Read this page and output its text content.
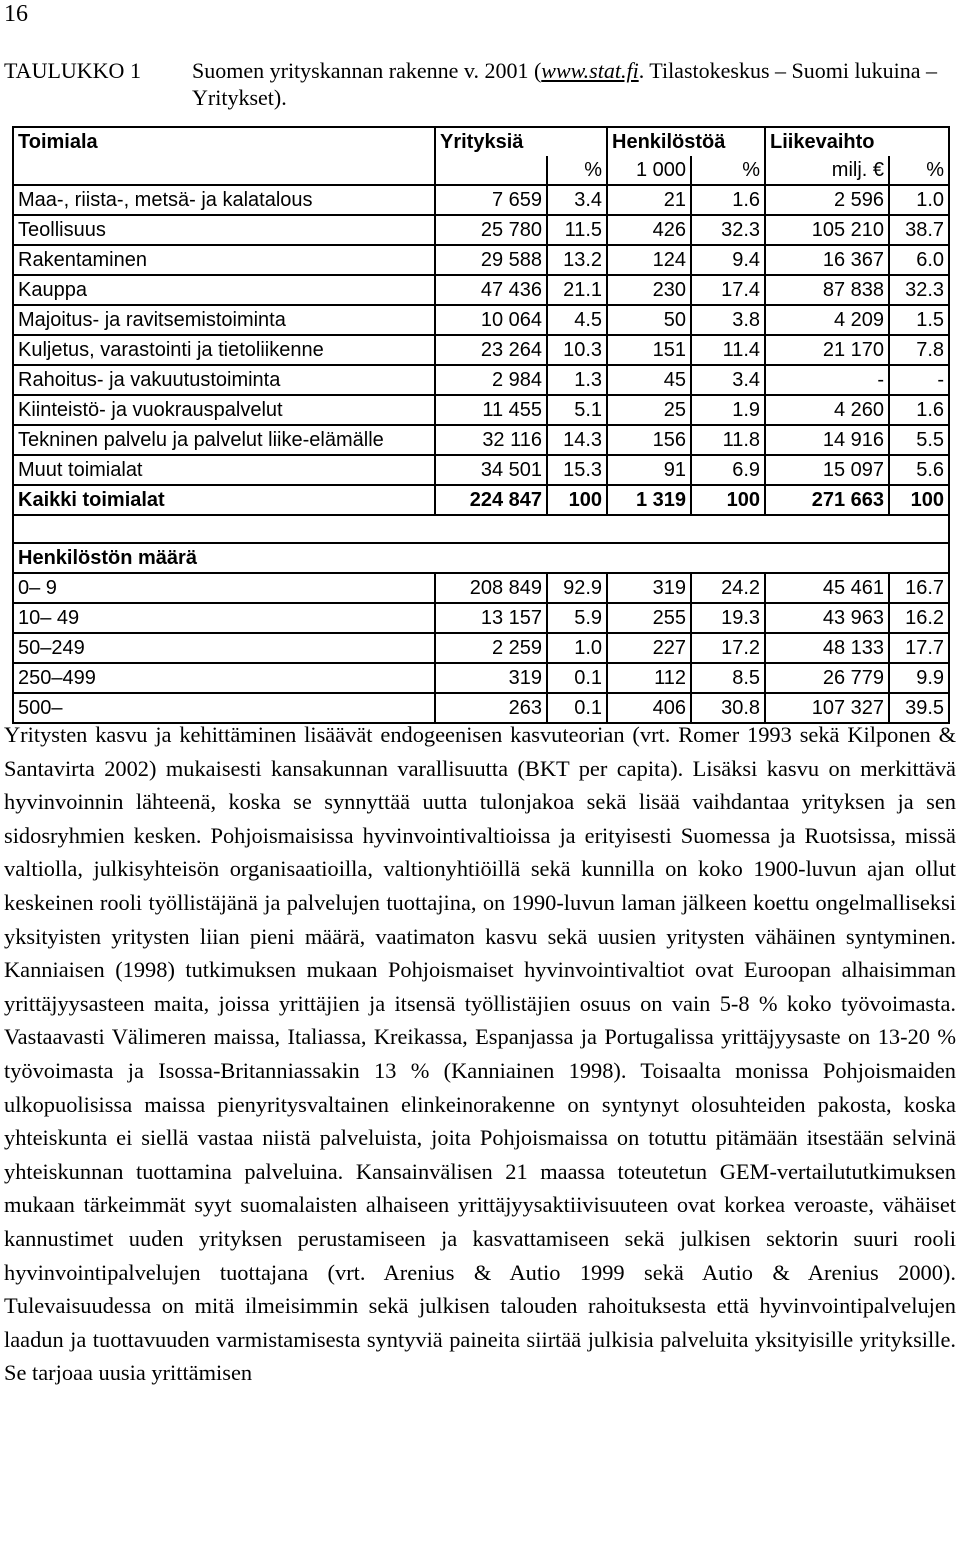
16
TAULUKKO 1 Suomen yrityskannan rakenne v. 2001 (www.stat.fi. Tilastokeskus – Suomi lukuina – Yritykset).
Toimiala	Yrityksiä		Henkilöstöä		Liikevaihto	
		%	1 000	%	milj. €	%
Maa-, riista-, metsä- ja kalatalous	7 659	3.4	21	1.6	2 596	1.0
Teollisuus	25 780	11.5	426	32.3	105 210	38.7
Rakentaminen	29 588	13.2	124	9.4	16 367	6.0
Kauppa	47 436	21.1	230	17.4	87 838	32.3
Majoitus- ja ravitsemistoiminta	10 064	4.5	50	3.8	4 209	1.5
Kuljetus, varastointi ja tietoliikenne	23 264	10.3	151	11.4	21 170	7.8
Rahoitus- ja vakuutustoiminta	2 984	1.3	45	3.4	-	-
Kiinteistö- ja vuokrauspalvelut	11 455	5.1	25	1.9	4 260	1.6
Tekninen palvelu ja palvelut liike-elämälle	32 116	14.3	156	11.8	14 916	5.5
Muut toimialat	34 501	15.3	91	6.9	15 097	5.6
Kaikki toimialat	224 847	100	1 319	100	271 663	100

Henkilöstön määrä						
0– 9	208 849	92.9	319	24.2	45 461	16.7
10– 49	13 157	5.9	255	19.3	43 963	16.2
50–249	2 259	1.0	227	17.2	48 133	17.7
250–499	319	0.1	112	8.5	26 779	9.9
500–	263	0.1	406	30.8	107 327	39.5
Yritysten kasvu ja kehittäminen lisäävät endogeenisen kasvuteorian (vrt. Romer 1993 sekä Kilponen & Santavirta 2002) mukaisesti kansakunnan varallisuutta (BKT per capita). Lisäksi kasvu on merkittävä hyvinvoinnin lähteenä, koska se synnyttää uutta tulonjakoa sekä lisää vaihdantaa yrityksen ja sen sidosryhmien kesken. Pohjoismaisissa hyvinvointivaltioissa ja erityisesti Suomessa ja Ruotsissa, missä valtiolla, julkisyhteisön organisaatioilla, valtionyhtiöillä sekä kunnilla on koko 1900-luvun ajan ollut keskeinen rooli työllistäjänä ja palvelujen tuottajina, on 1990-luvun laman jälkeen koettu ongelmalliseksi yksityisten yritysten liian pieni määrä, vaatimaton kasvu sekä uusien yritysten vähäinen syntyminen. Kanniaisen (1998) tutkimuksen mukaan Pohjoismaiset hyvinvointivaltiot ovat Euroopan alhaisimman yrittäjyysasteen maita, joissa yrittäjien ja itsensä työllistäjien osuus on vain 5-8 % koko työvoimasta. Vastaavasti Välimeren maissa, Italiassa, Kreikassa, Espanjassa ja Portugalissa yrittäjyysaste on 13-20 % työvoimasta ja Isossa-Britanniassakin 13 % (Kanniainen 1998). Toisaalta monissa Pohjoismaiden ulkopuolisissa maissa pienyritysvaltainen elinkeinorakenne on syntynyt olosuhteiden pakosta, koska yhteiskunta ei siellä vastaa niistä palveluista, joita Pohjoismaissa on totuttu pitämään itsestään selvinä yhteiskunnan tuottamina palveluina. Kansainvälisen 21 maassa toteutetun GEM-vertailututkimuksen mukaan tärkeimmät syyt suomalaisten alhaiseen yrittäjyysaktiivisuuteen ovat korkea veroaste, vähäiset kannustimet uuden yrityksen perustamiseen ja kasvattamiseen sekä julkisen sektorin suuri rooli hyvinvointipalvelujen tuottajana (vrt. Arenius & Autio 1999 sekä Autio & Arenius 2000). Tulevaisuudessa on mitä ilmeisimmin sekä julkisen talouden rahoituksesta että hyvinvointipalvelujen laadun ja tuottavuuden varmistamisesta syntyviä paineita siirtää julkisia palveluita yksityisille yrityksille. Se tarjoaa uusia yrittämisen
